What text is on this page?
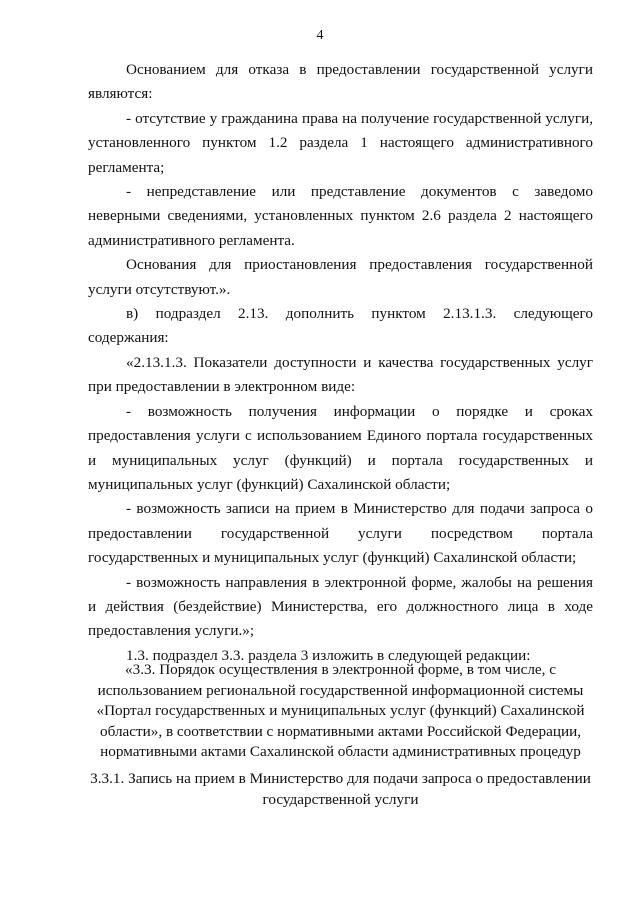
4

Основанием для отказа в предоставлении государственной услуги являются:

- отсутствие у гражданина права на получение государственной услуги, установленного пунктом 1.2 раздела 1 настоящего административного регламента;

- непредставление или представление документов с заведомо неверными сведениями, установленных пунктом 2.6 раздела 2 настоящего административного регламента.

Основания для приостановления предоставления государственной услуги отсутствуют.».

в) подраздел 2.13. дополнить пунктом 2.13.1.3. следующего содержания:

«2.13.1.3. Показатели доступности и качества государственных услуг при предоставлении в электронном виде:

- возможность получения информации о порядке и сроках предоставления услуги с использованием Единого портала государственных и муниципальных услуг (функций) и портала государственных и муниципальных услуг (функций) Сахалинской области;

- возможность записи на прием в Министерство для подачи запроса о предоставлении государственной услуги посредством портала государственных и муниципальных услуг (функций) Сахалинской области;

- возможность направления в электронной форме, жалобы на решения и действия (бездействие) Министерства, его должностного лица в ходе предоставления услуги.»;

1.3. подраздел 3.3. раздела 3 изложить в следующей редакции:

«3.3. Порядок осуществления в электронной форме, в том числе, с использованием региональной государственной информационной системы «Портал государственных и муниципальных услуг (функций) Сахалинской области», в соответствии с нормативными актами Российской Федерации, нормативными актами Сахалинской области административных процедур
3.3.1. Запись на прием в Министерство для подачи запроса о предоставлении государственной услуги
